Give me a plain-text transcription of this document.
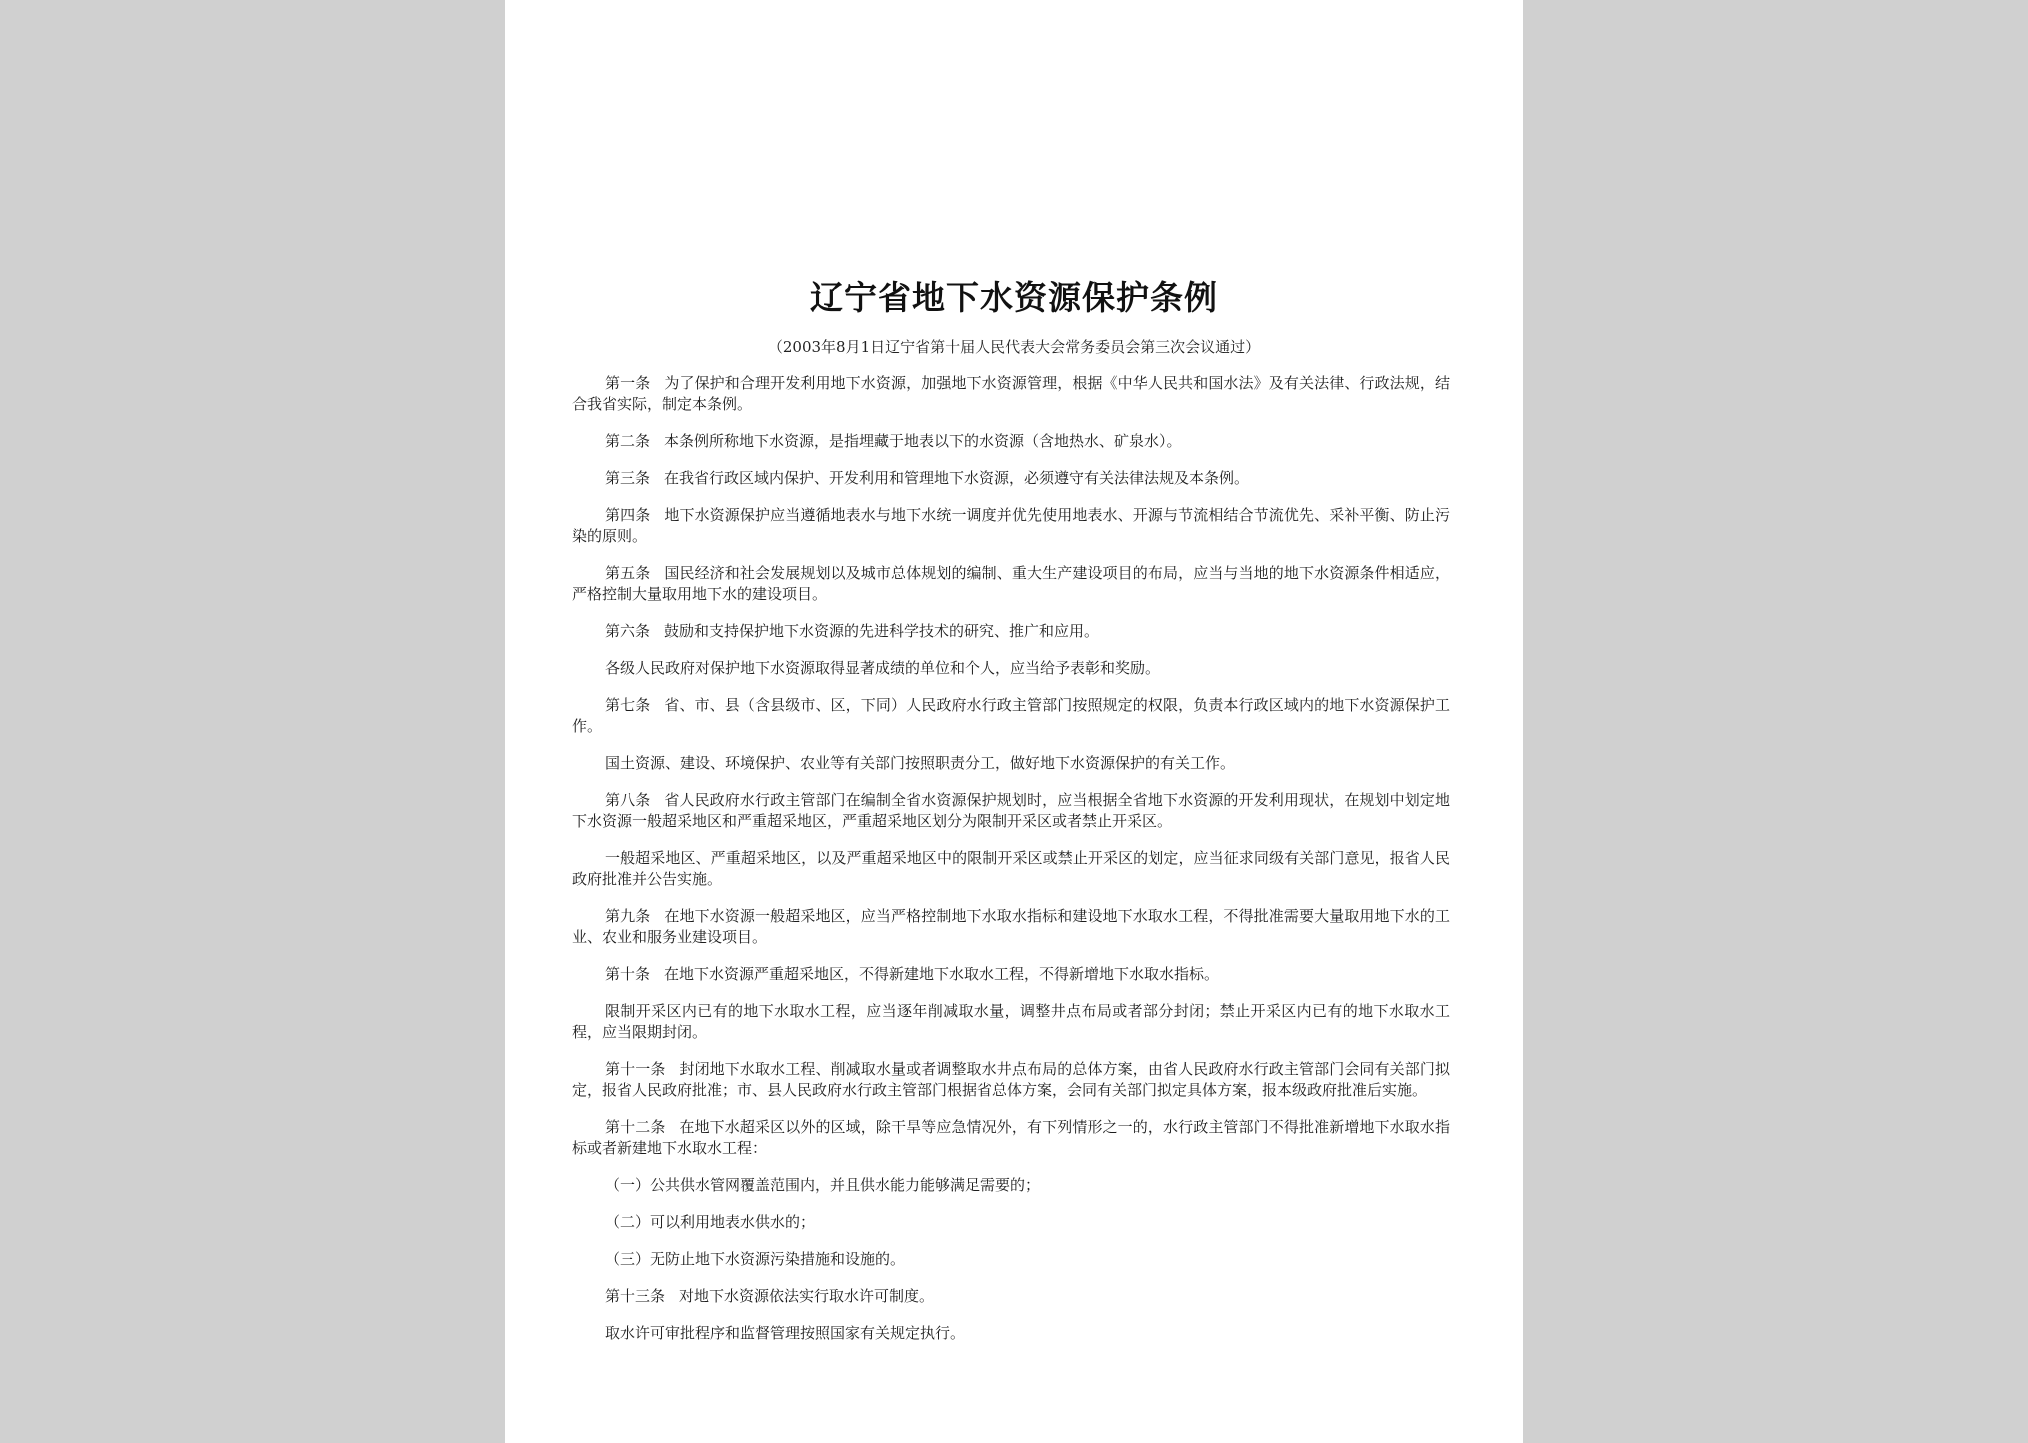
辽宁省地下水资源保护条例
（2003年8月1日辽宁省第十届人民代表大会常务委员会第三次会议通过）

第一条 为了保护和合理开发利用地下水资源，加强地下水资源管理，根据《中华人民共和国水法》及有关法律、行政法规，结合我省实际，制定本条例。

第二条 本条例所称地下水资源，是指埋藏于地表以下的水资源（含地热水、矿泉水）。

第三条 在我省行政区域内保护、开发利用和管理地下水资源，必须遵守有关法律法规及本条例。

第四条 地下水资源保护应当遵循地表水与地下水统一调度并优先使用地表水、开源与节流相结合节流优先、采补平衡、防止污染的原则。

第五条 国民经济和社会发展规划以及城市总体规划的编制、重大生产建设项目的布局，应当与当地的地下水资源条件相适应，严格控制大量取用地下水的建设项目。

第六条 鼓励和支持保护地下水资源的先进科学技术的研究、推广和应用。

各级人民政府对保护地下水资源取得显著成绩的单位和个人，应当给予表彰和奖励。

第七条 省、市、县（含县级市、区，下同）人民政府水行政主管部门按照规定的权限，负责本行政区域内的地下水资源保护工作。

国土资源、建设、环境保护、农业等有关部门按照职责分工，做好地下水资源保护的有关工作。

第八条 省人民政府水行政主管部门在编制全省水资源保护规划时，应当根据全省地下水资源的开发利用现状，在规划中划定地下水资源一般超采地区和严重超采地区，严重超采地区划分为限制开采区或者禁止开采区。

一般超采地区、严重超采地区，以及严重超采地区中的限制开采区或禁止开采区的划定，应当征求同级有关部门意见，报省人民政府批准并公告实施。

第九条 在地下水资源一般超采地区，应当严格控制地下水取水指标和建设地下水取水工程，不得批准需要大量取用地下水的工业、农业和服务业建设项目。

第十条 在地下水资源严重超采地区，不得新建地下水取水工程，不得新增地下水取水指标。

限制开采区内已有的地下水取水工程，应当逐年削减取水量，调整井点布局或者部分封闭；禁止开采区内已有的地下水取水工程，应当限期封闭。

第十一条 封闭地下水取水工程、削减取水量或者调整取水井点布局的总体方案，由省人民政府水行政主管部门会同有关部门拟定，报省人民政府批准；市、县人民政府水行政主管部门根据省总体方案，会同有关部门拟定具体方案，报本级政府批准后实施。

第十二条 在地下水超采区以外的区域，除干旱等应急情况外，有下列情形之一的，水行政主管部门不得批准新增地下水取水指标或者新建地下水取水工程：

（一）公共供水管网覆盖范围内，并且供水能力能够满足需要的；

（二）可以利用地表水供水的；

（三）无防止地下水资源污染措施和设施的。

第十三条 对地下水资源依法实行取水许可制度。

取水许可审批程序和监督管理按照国家有关规定执行。
